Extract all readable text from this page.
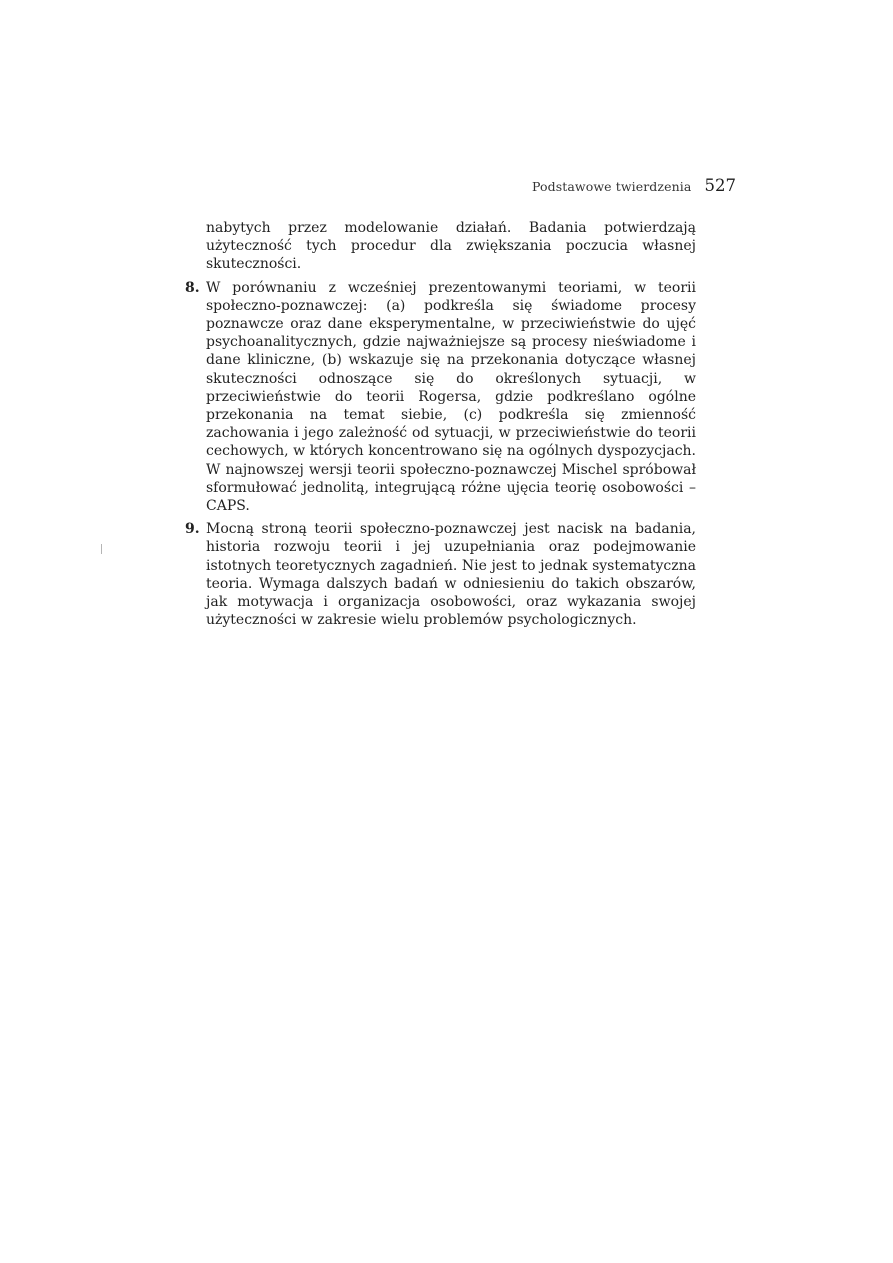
Podstawowe twierdzenia 527

nabytych przez modelowanie działań. Badania potwierdzają użyteczność tych procedur dla zwiększania poczucia własnej skuteczności.

8. W porównaniu z wcześniej prezentowanymi teoriami, w teorii społeczno-poznawczej: (a) podkreśla się świadome procesy poznawcze oraz dane eksperymentalne, w przeciwieństwie do ujęć psychoanalitycznych, gdzie najważniejsze są procesy nieświadome i dane kliniczne, (b) wskazuje się na przekonania dotyczące własnej skuteczności odnoszące się do określonych sytuacji, w przeciwieństwie do teorii Rogersa, gdzie podkreślano ogólne przekonania na temat siebie, (c) podkreśla się zmienność zachowania i jego zależność od sytuacji, w przeciwieństwie do teorii cechowych, w których koncentrowano się na ogólnych dyspozycjach. W najnowszej wersji teorii społeczno-poznawczej Mischel spróbował sformułować jednolitą, integrującą różne ujęcia teorię osobowości – CAPS.
9. Mocną stroną teorii społeczno-poznawczej jest nacisk na badania, historia rozwoju teorii i jej uzupełniania oraz podejmowanie istotnych teoretycznych zagadnień. Nie jest to jednak systematyczna teoria. Wymaga dalszych badań w odniesieniu do takich obszarów, jak motywacja i organizacja osobowości, oraz wykazania swojej użyteczności w zakresie wielu problemów psychologicznych.
